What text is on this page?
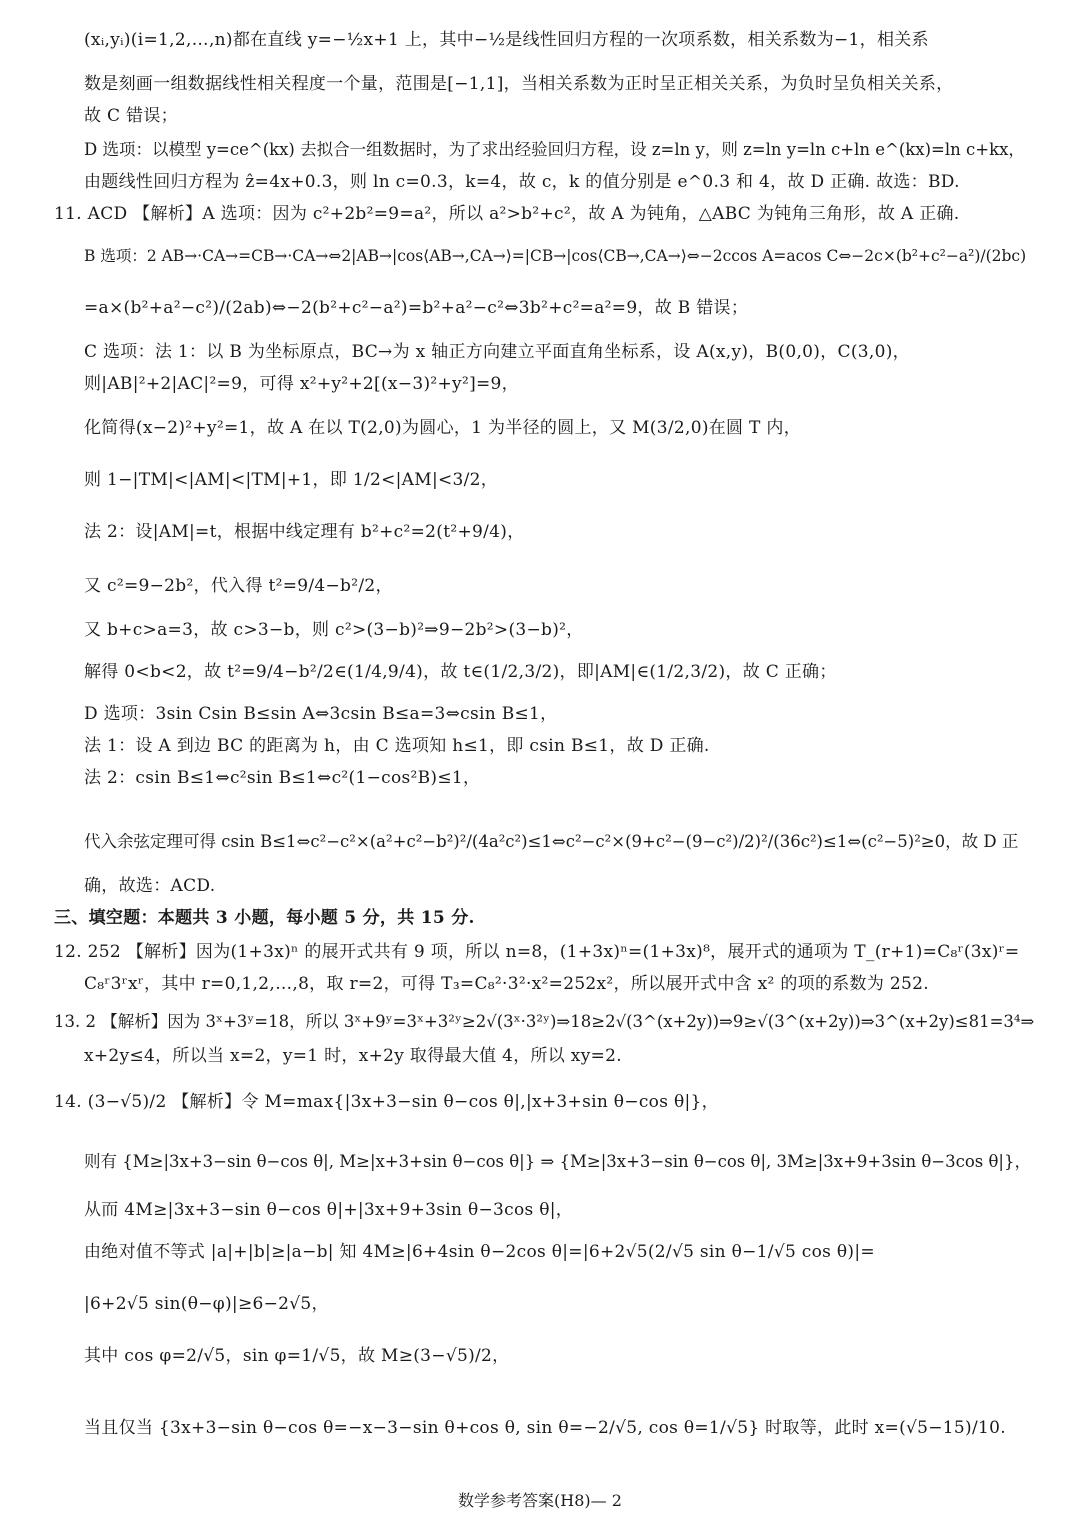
(xᵢ,yᵢ)(i=1,2,…,n)都在直线 y=−½x+1 上，其中−½是线性回归方程的一次项系数，相关系数为−1，相关系
数是刻画一组数据线性相关程度一个量，范围是[−1,1]，当相关系数为正时呈正相关关系，为负时呈负相关关系，
故 C 错误；
D 选项：以模型 y=ce^(kx) 去拟合一组数据时，为了求出经验回归方程，设 z=ln y，则 z=ln y=ln c+ln e^(kx)=ln c+kx，
由题线性回归方程为 ẑ=4x+0.3，则 ln c=0.3，k=4，故 c，k 的值分别是 e^0.3 和 4，故 D 正确. 故选：BD.
11. ACD 【解析】A 选项：因为 c²+2b²=9=a²，所以 a²>b²+c²，故 A 为钝角，△ABC 为钝角三角形，故 A 正确.
B 选项：2 AB→·CA→=CB→·CA→⇔2|AB→|cos⟨AB→,CA→⟩=|CB→|cos⟨CB→,CA→⟩⇔−2ccos A=acos C⇔−2c×(b²+c²−a²)/(2bc)
=a×(b²+a²−c²)/(2ab)⇔−2(b²+c²−a²)=b²+a²−c²⇔3b²+c²=a²=9，故 B 错误；
C 选项：法 1：以 B 为坐标原点，BC→为 x 轴正方向建立平面直角坐标系，设 A(x,y)，B(0,0)，C(3,0)，
则|AB|²+2|AC|²=9，可得 x²+y²+2[(x−3)²+y²]=9，
化简得(x−2)²+y²=1，故 A 在以 T(2,0)为圆心，1 为半径的圆上，又 M(3/2,0)在圆 T 内，
则 1−|TM|<|AM|<|TM|+1，即 1/2<|AM|<3/2，
法 2：设|AM|=t，根据中线定理有 b²+c²=2(t²+9/4)，
又 c²=9−2b²，代入得 t²=9/4−b²/2，
又 b+c>a=3，故 c>3−b，则 c²>(3−b)²⇒9−2b²>(3−b)²，
解得 0<b<2，故 t²=9/4−b²/2∈(1/4,9/4)，故 t∈(1/2,3/2)，即|AM|∈(1/2,3/2)，故 C 正确；
D 选项：3sin Csin B≤sin A⇔3csin B≤a=3⇔csin B≤1，
法 1：设 A 到边 BC 的距离为 h，由 C 选项知 h≤1，即 csin B≤1，故 D 正确.
法 2：csin B≤1⇔c²sin B≤1⇔c²(1−cos²B)≤1，
代入余弦定理可得 csin B≤1⇔c²−c²×(a²+c²−b²)²/(4a²c²)≤1⇔c²−c²×(9+c²−(9−c²)/2)²/(36c²)≤1⇔(c²−5)²≥0，故 D 正
确，故选：ACD.
三、填空题：本题共 3 小题，每小题 5 分，共 15 分.
12. 252 【解析】因为(1+3x)ⁿ 的展开式共有 9 项，所以 n=8，(1+3x)ⁿ=(1+3x)⁸，展开式的通项为 T_(r+1)=C₈ʳ(3x)ʳ=
C₈ʳ3ʳxʳ，其中 r=0,1,2,…,8，取 r=2，可得 T₃=C₈²·3²·x²=252x²，所以展开式中含 x² 的项的系数为 252.
13. 2 【解析】因为 3ˣ+3ʸ=18，所以 3ˣ+9ʸ=3ˣ+3²ʸ≥2√(3ˣ·3²ʸ)⇒18≥2√(3^(x+2y))⇒9≥√(3^(x+2y))⇒3^(x+2y)≤81=3⁴⇒
x+2y≤4，所以当 x=2，y=1 时，x+2y 取得最大值 4，所以 xy=2.
14. (3−√5)/2 【解析】令 M=max{|3x+3−sin θ−cos θ|,|x+3+sin θ−cos θ|}，
则有 {M≥|3x+3−sin θ−cos θ|, M≥|x+3+sin θ−cos θ|} ⇒ {M≥|3x+3−sin θ−cos θ|, 3M≥|3x+9+3sin θ−3cos θ|}，
从而 4M≥|3x+3−sin θ−cos θ|+|3x+9+3sin θ−3cos θ|，
由绝对值不等式 |a|+|b|≥|a−b| 知 4M≥|6+4sin θ−2cos θ|=|6+2√5(2/√5 sin θ−1/√5 cos θ)|=
|6+2√5 sin(θ−φ)|≥6−2√5，
其中 cos φ=2/√5，sin φ=1/√5，故 M≥(3−√5)/2，
当且仅当 {3x+3−sin θ−cos θ=−x−3−sin θ+cos θ, sin θ=−2/√5, cos θ=1/√5} 时取等，此时 x=(√5−15)/10.
数学参考答案(H8)— 2
